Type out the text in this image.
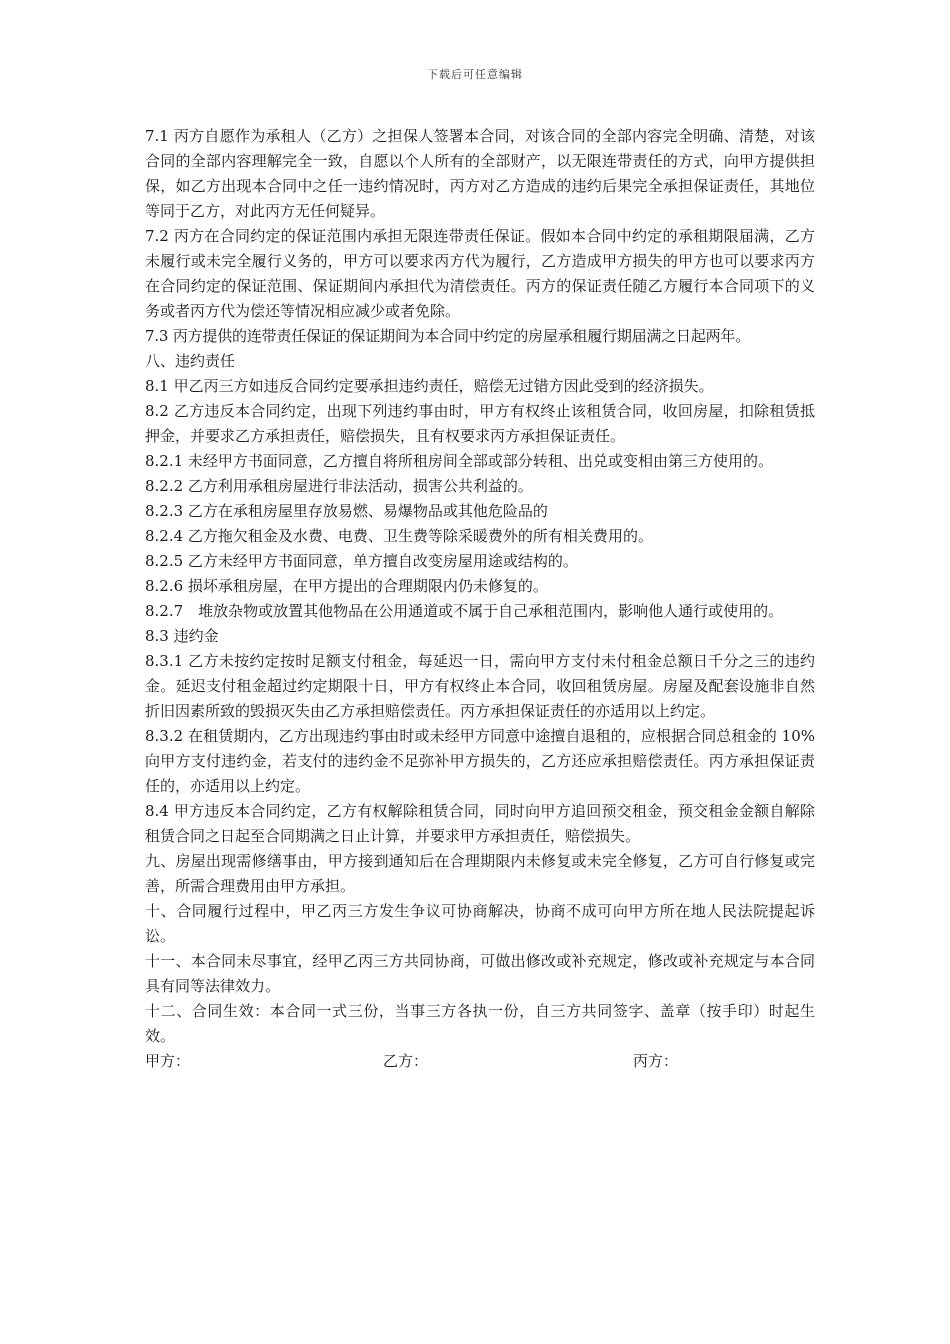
下载后可任意编辑

7.1 丙方自愿作为承租人（乙方）之担保人签署本合同，对该合同的全部内容完全明确、清楚，对该合同的全部内容理解完全一致，自愿以个人所有的全部财产，以无限连带责任的方式，向甲方提供担保，如乙方出现本合同中之任一违约情况时，丙方对乙方造成的违约后果完全承担保证责任，其地位等同于乙方，对此丙方无任何疑异。

7.2 丙方在合同约定的保证范围内承担无限连带责任保证。假如本合同中约定的承租期限届满，乙方未履行或未完全履行义务的，甲方可以要求丙方代为履行，乙方造成甲方损失的甲方也可以要求丙方在合同约定的保证范围、保证期间内承担代为清偿责任。丙方的保证责任随乙方履行本合同项下的义务或者丙方代为偿还等情况相应减少或者免除。

7.3 丙方提供的连带责任保证的保证期间为本合同中约定的房屋承租履行期届满之日起两年。

八、违约责任

8.1 甲乙丙三方如违反合同约定要承担违约责任，赔偿无过错方因此受到的经济损失。

8.2 乙方违反本合同约定，出现下列违约事由时，甲方有权终止该租赁合同，收回房屋，扣除租赁抵押金，并要求乙方承担责任，赔偿损失，且有权要求丙方承担保证责任。

8.2.1 未经甲方书面同意，乙方擅自将所租房间全部或部分转租、出兑或变相由第三方使用的。

8.2.2 乙方利用承租房屋进行非法活动，损害公共利益的。

8.2.3 乙方在承租房屋里存放易燃、易爆物品或其他危险品的

8.2.4 乙方拖欠租金及水费、电费、卫生费等除采暖费外的所有相关费用的。

8.2.5 乙方未经甲方书面同意，单方擅自改变房屋用途或结构的。

8.2.6 损坏承租房屋，在甲方提出的合理期限内仍未修复的。

8.2.7　堆放杂物或放置其他物品在公用通道或不属于自己承租范围内，影响他人通行或使用的。

8.3 违约金

8.3.1 乙方未按约定按时足额支付租金，每延迟一日，需向甲方支付未付租金总额日千分之三的违约金。延迟支付租金超过约定期限十日，甲方有权终止本合同，收回租赁房屋。房屋及配套设施非自然折旧因素所致的毁损灭失由乙方承担赔偿责任。丙方承担保证责任的亦适用以上约定。

8.3.2 在租赁期内，乙方出现违约事由时或未经甲方同意中途擅自退租的，应根据合同总租金的 10%向甲方支付违约金，若支付的违约金不足弥补甲方损失的，乙方还应承担赔偿责任。丙方承担保证责任的，亦适用以上约定。

8.4 甲方违反本合同约定，乙方有权解除租赁合同，同时向甲方追回预交租金，预交租金金额自解除租赁合同之日起至合同期满之日止计算，并要求甲方承担责任，赔偿损失。

九、房屋出现需修缮事由，甲方接到通知后在合理期限内未修复或未完全修复，乙方可自行修复或完善，所需合理费用由甲方承担。

十、合同履行过程中，甲乙丙三方发生争议可协商解决，协商不成可向甲方所在地人民法院提起诉讼。

十一、本合同未尽事宜，经甲乙丙三方共同协商，可做出修改或补充规定，修改或补充规定与本合同具有同等法律效力。

十二、合同生效：本合同一式三份，当事三方各执一份，自三方共同签字、盖章（按手印）时起生效。

甲方：	乙方：	丙方：
